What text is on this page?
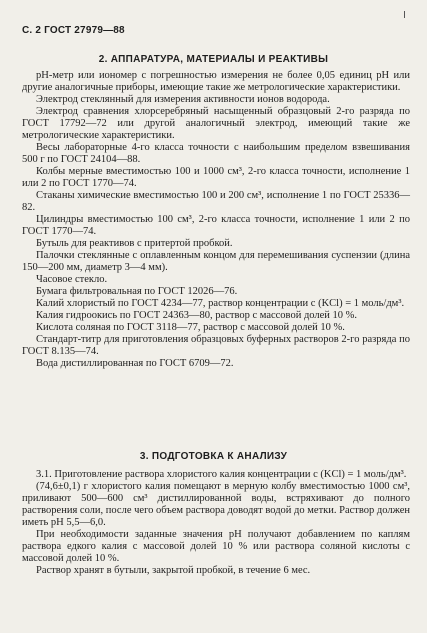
С. 2 ГОСТ 27979—88
2. АППАРАТУРА, МАТЕРИАЛЫ И РЕАКТИВЫ

рН-метр или иономер с погрешностью измерения не более 0,05 единиц рН или другие аналогичные приборы, имеющие такие же метрологические характеристики.

Электрод стеклянный для измерения активности ионов водорода.

Электрод сравнения хлорсеребряный насыщенный образцовый 2-го разряда по ГОСТ 17792—72 или другой аналогичный электрод, имеющий такие же метрологические характеристики.

Весы лабораторные 4-го класса точности с наибольшим пределом взвешивания 500 г по ГОСТ 24104—88.

Колбы мерные вместимостью 100 и 1000 см³, 2-го класса точности, исполнение 1 или 2 по ГОСТ 1770—74.

Стаканы химические вместимостью 100 и 200 см³, исполнение 1 по ГОСТ 25336—82.

Цилиндры вместимостью 100 см³, 2-го класса точности, исполнение 1 или 2 по ГОСТ 1770—74.

Бутыль для реактивов с притертой пробкой.

Палочки стеклянные с оплавленным концом для перемешивания суспензии (длина 150—200 мм, диаметр 3—4 мм).

Часовое стекло.

Бумага фильтровальная по ГОСТ 12026—76.

Калий хлористый по ГОСТ 4234—77, раствор концентрации с (KCl) = 1 моль/дм³.

Калия гидроокись по ГОСТ 24363—80, раствор с массовой долей 10 %.

Кислота соляная по ГОСТ 3118—77, раствор с массовой долей 10 %.

Стандарт-титр для приготовления образцовых буферных растворов 2-го разряда по ГОСТ 8.135—74.

Вода дистиллированная по ГОСТ 6709—72.

3. ПОДГОТОВКА К АНАЛИЗУ

3.1. Приготовление раствора хлористого калия концентрации с (KCl) = 1 моль/дм³.

(74,6±0,1) г хлористого калия помещают в мерную колбу вместимостью 1000 см³, приливают 500—600 см³ дистиллированной воды, встряхивают до полного растворения соли, после чего объем раствора доводят водой до метки. Раствор должен иметь рН 5,5—6,0.

При необходимости заданные значения рН получают добавлением по каплям раствора едкого калия с массовой долей 10 % или раствора соляной кислоты с массовой долей 10 %.

Раствор хранят в бутыли, закрытой пробкой, в течение 6 мес.
